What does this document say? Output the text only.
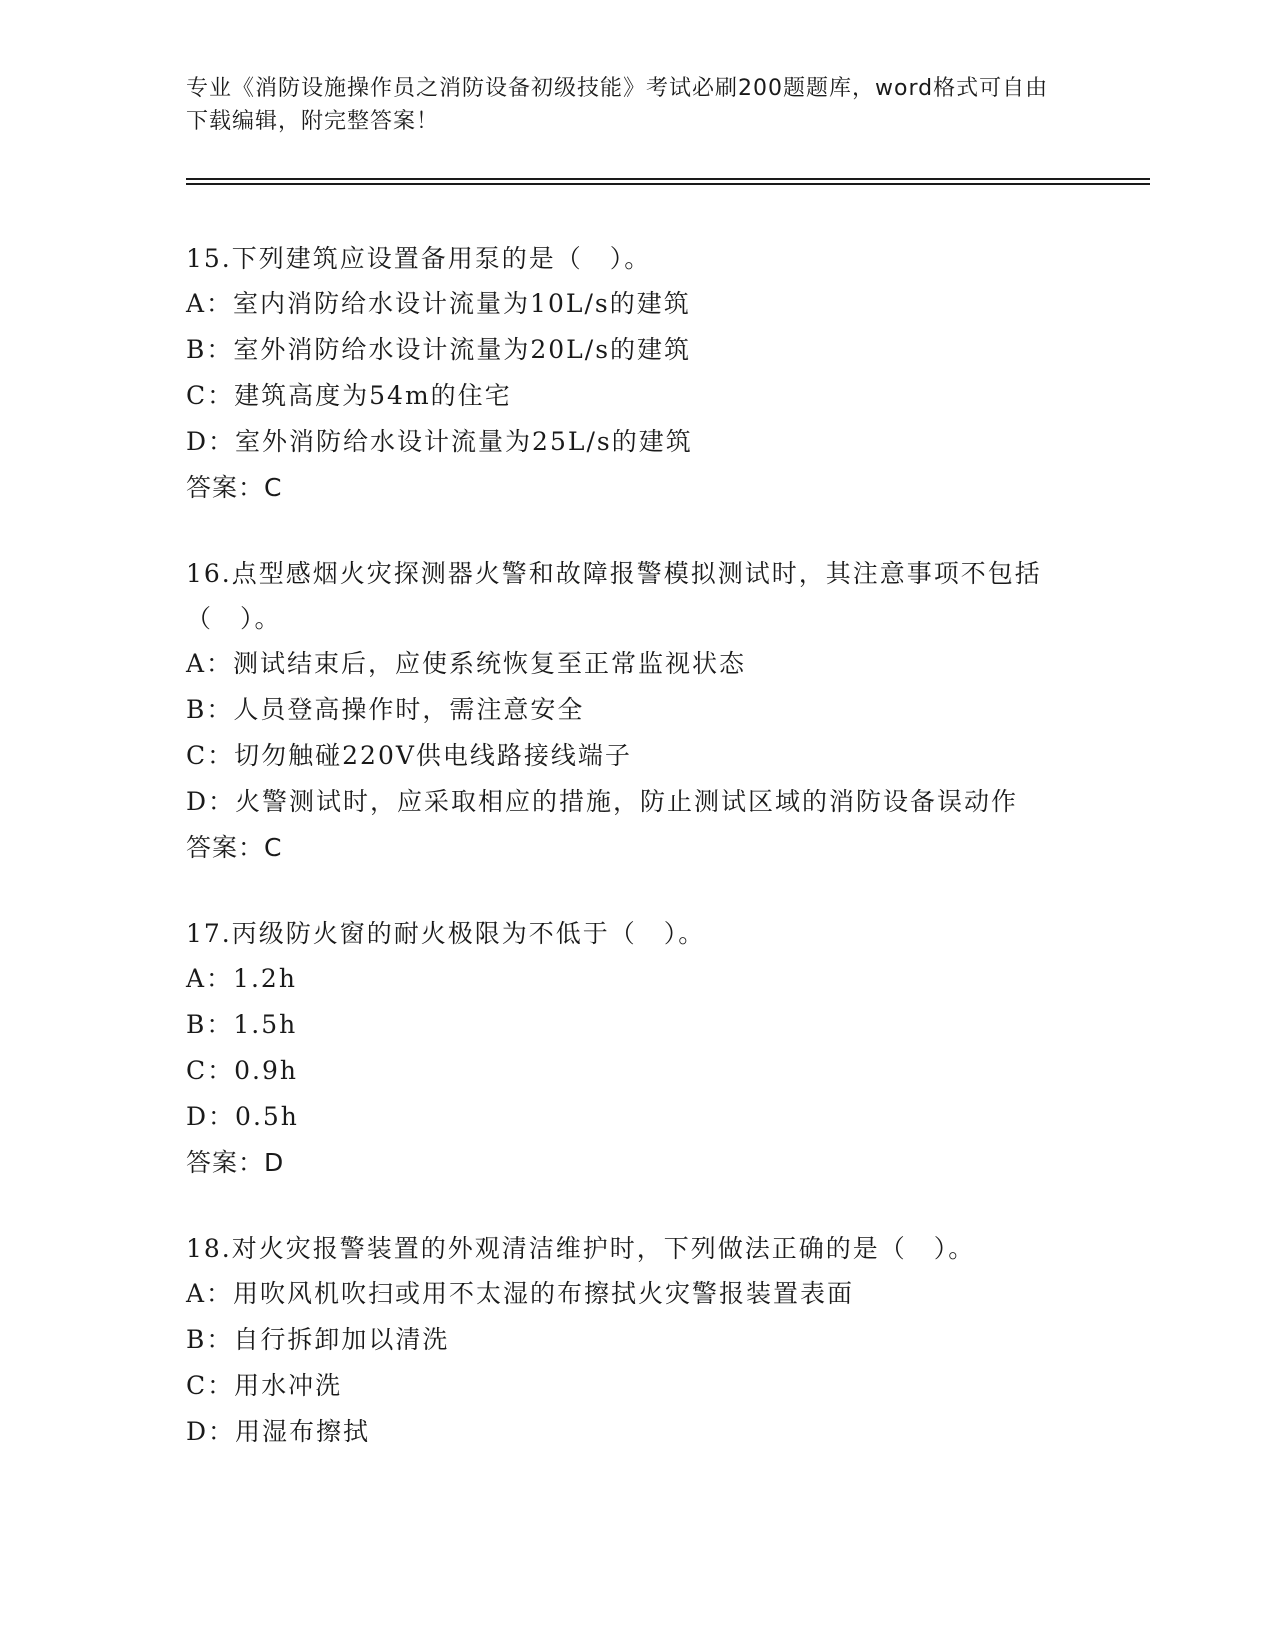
专业《消防设施操作员之消防设备初级技能》考试必刷200题题库，word格式可自由下载编辑，附完整答案！
15.下列建筑应设置备用泵的是（　）。
A：室内消防给水设计流量为10L/s的建筑
B：室外消防给水设计流量为20L/s的建筑
C：建筑高度为54m的住宅
D：室外消防给水设计流量为25L/s的建筑
答案：C
16.点型感烟火灾探测器火警和故障报警模拟测试时，其注意事项不包括（　）。
A：测试结束后，应使系统恢复至正常监视状态
B：人员登高操作时，需注意安全
C：切勿触碰220V供电线路接线端子
D：火警测试时，应采取相应的措施，防止测试区域的消防设备误动作
答案：C
17.丙级防火窗的耐火极限为不低于（　）。
A：1.2h
B：1.5h
C：0.9h
D：0.5h
答案：D
18.对火灾报警装置的外观清洁维护时，下列做法正确的是（　）。
A：用吹风机吹扫或用不太湿的布擦拭火灾警报装置表面
B：自行拆卸加以清洗
C：用水冲洗
D：用湿布擦拭
